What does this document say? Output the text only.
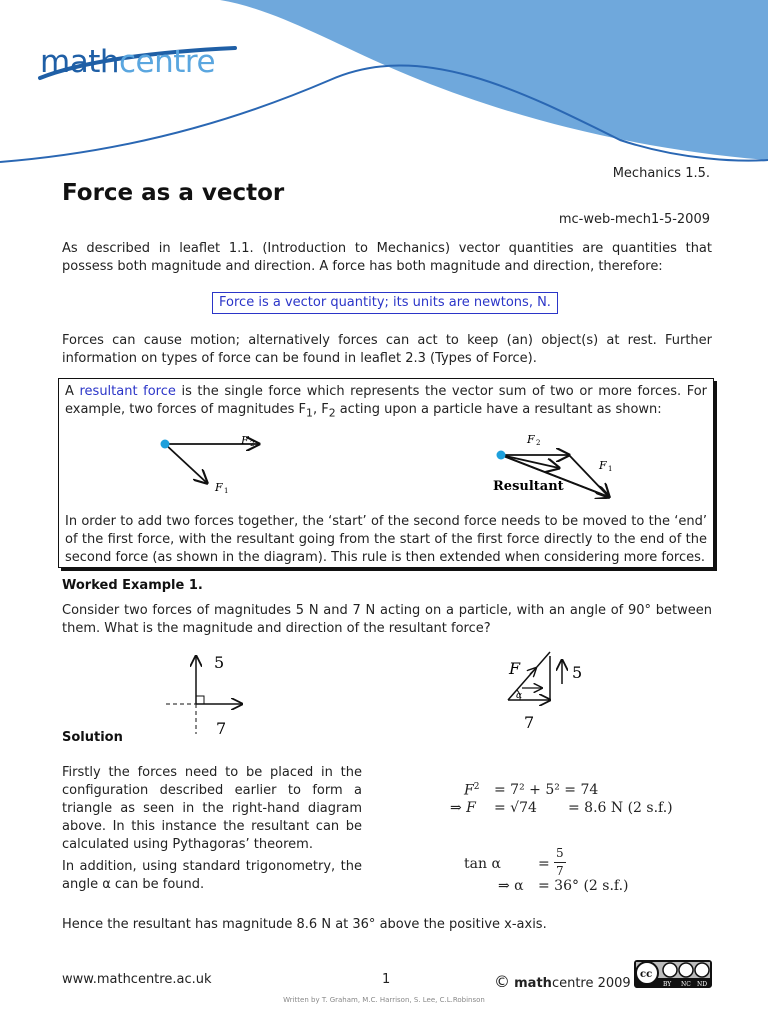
mathcentre
Mechanics 1.5.
Force as a vector
mc-web-mech1-5-2009
As described in leaflet 1.1. (Introduction to Mechanics) vector quantities are quantities that possess both magnitude and direction. A force has both magnitude and direction, therefore:
Force is a vector quantity; its units are newtons, N.
Forces can cause motion; alternatively forces can act to keep (an) object(s) at rest. Further information on types of force can be found in leaflet 2.3 (Types of Force).
A resultant force is the single force which represents the vector sum of two or more forces. For example, two forces of magnitudes $F_1$, $F_2$ acting upon a particle have a resultant as shown:
F 2
F 1
F 2
F 1
Resultant
In order to add two forces together, the ‘start’ of the second force needs to be moved to the ‘end’ of the first force, with the resultant going from the start of the first force directly to the end of the second force (as shown in the diagram). This rule is then extended when considering more forces.
Worked Example 1.
Consider two forces of magnitudes 5 N and 7 N acting on a particle, with an angle of 90° between them. What is the magnitude and direction of the resultant force?
5
7
F
α
5
7
Solution
Firstly the forces need to be placed in the configuration described earlier to form a triangle as seen in the right-hand diagram above. In this instance the resultant can be calculated using Pythagoras’ theorem.
In addition, using standard trigonometry, the angle α can be found.
$F^2 = 7^2 + 5^2 = 74$
⇒ F = √74 = 8.6 N (2 s.f.)
tan α	=
5
7
⇒ α = 36° (2 s.f.)
Hence the resultant has magnitude 8.6 N at 36° above the positive x-axis.
www.mathcentre.ac.uk	1	© mathcentre 2009
cc
BY NC ND
Written by T. Graham, M.C. Harrison, S. Lee, C.L.Robinson
